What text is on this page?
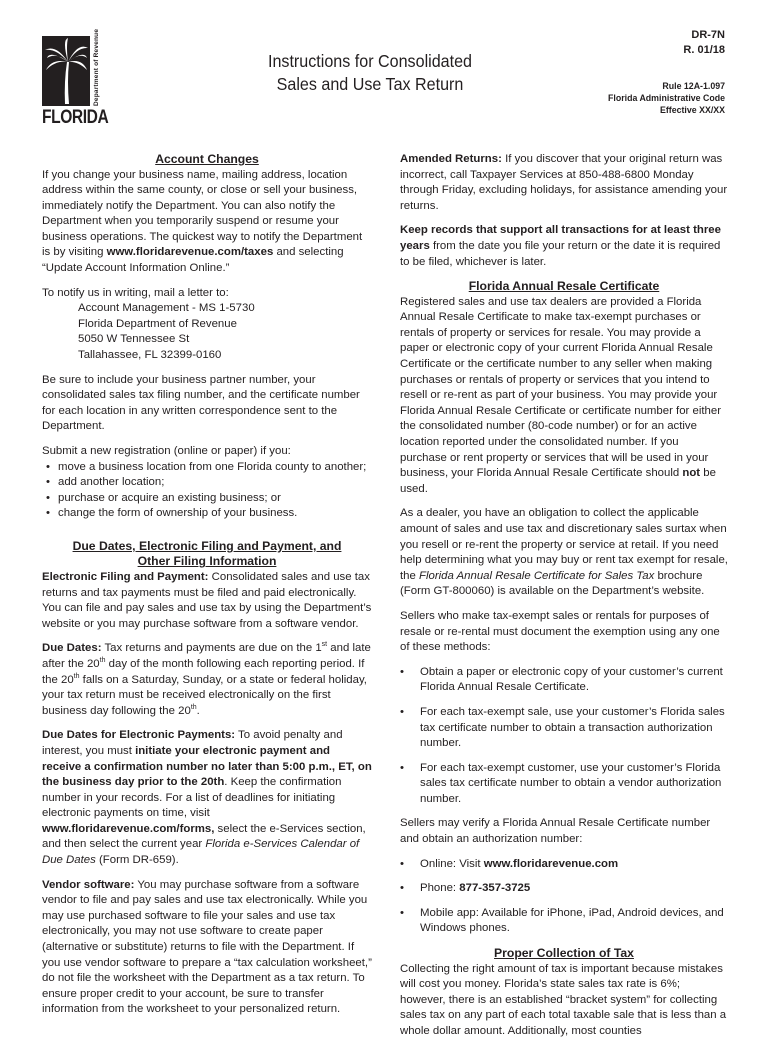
Department of Revenue
FLORIDA
Instructions for Consolidated
Sales and Use Tax Return
DR-7N
R. 01/18
Rule 12A-1.097
Florida Administrative Code
Effective XX/XX
Account Changes

If you change your business name, mailing address, location address within the same county, or close or sell your business, immediately notify the Department. You can also notify the Department when you temporarily suspend or resume your business operations. The quickest way to notify the Department is by visiting www.floridarevenue.com/taxes and selecting “Update Account Information Online.”

To notify us in writing, mail a letter to:

Account Management - MS 1-5730
Florida Department of Revenue
5050 W Tennessee St
Tallahassee, FL 32399-0160

Be sure to include your business partner number, your consolidated sales tax filing number, and the certificate number for each location in any written correspondence sent to the Department.

Submit a new registration (online or paper) if you:
• move a business location from one Florida county to another;
• add another location;
• purchase or acquire an existing business; or
• change the form of ownership of your business.
Due Dates, Electronic Filing and Payment, and
Other Filing Information

Electronic Filing and Payment: Consolidated sales and use tax returns and tax payments must be filed and paid electronically. You can file and pay sales and use tax by using the Department’s website or you may purchase software from a software vendor.

Due Dates: Tax returns and payments are due on the 1st and late after the 20th day of the month following each reporting period. If the 20th falls on a Saturday, Sunday, or a state or federal holiday, your tax return must be received electronically on the first business day following the 20th.

Due Dates for Electronic Payments: To avoid penalty and interest, you must initiate your electronic payment and receive a confirmation number no later than 5:00 p.m., ET, on the business day prior to the 20th. Keep the confirmation number in your records. For a list of deadlines for initiating electronic payments on time, visit www.floridarevenue.com/forms, select the e-Services section, and then select the current year Florida e-Services Calendar of Due Dates (Form DR-659).

Vendor software: You may purchase software from a software vendor to file and pay sales and use tax electronically. While you may use purchased software to file your sales and use tax electronically, you may not use software to create paper (alternative or substitute) returns to file with the Department. If you use vendor software to prepare a “tax calculation worksheet,” do not file the worksheet with the Department as a tax return. To ensure proper credit to your account, be sure to transfer information from the worksheet to your personalized return.

Amended Returns: If you discover that your original return was incorrect, call Taxpayer Services at 850-488-6800 Monday through Friday, excluding holidays, for assistance amending your returns.

Keep records that support all transactions for at least three years from the date you file your return or the date it is required to be filed, whichever is later.

Florida Annual Resale Certificate

Registered sales and use tax dealers are provided a Florida Annual Resale Certificate to make tax-exempt purchases or rentals of property or services for resale. You may provide a paper or electronic copy of your current Florida Annual Resale Certificate or the certificate number to any seller when making purchases or rentals of property or services that you intend to resell or re-rent as part of your business. You may provide your Florida Annual Resale Certificate or certificate number for either the consolidated number (80-code number) or for an active location reported under the consolidated number. If you purchase or rent property or services that will be used in your business, your Florida Annual Resale Certificate should not be used.

As a dealer, you have an obligation to collect the applicable amount of sales and use tax and discretionary sales surtax when you resell or re-rent the property or service at retail. If you need help determining what you may buy or rent tax exempt for resale, the Florida Annual Resale Certificate for Sales Tax brochure (Form GT-800060) is available on the Department’s website.

Sellers who make tax-exempt sales or rentals for purposes of resale or re-rental must document the exemption using any one of these methods:

• Obtain a paper or electronic copy of your customer’s current Florida Annual Resale Certificate.
• For each tax-exempt sale, use your customer’s Florida sales tax certificate number to obtain a transaction authorization number.
• For each tax-exempt customer, use your customer’s Florida sales tax certificate number to obtain a vendor authorization number.

Sellers may verify a Florida Annual Resale Certificate number and obtain an authorization number:

• Online: Visit www.floridarevenue.com
• Phone: 877-357-3725
• Mobile app: Available for iPhone, iPad, Android devices, and Windows phones.
Proper Collection of Tax

Collecting the right amount of tax is important because mistakes will cost you money. Florida’s state sales tax rate is 6%; however, there is an established “bracket system” for collecting sales tax on any part of each total taxable sale that is less than a whole dollar amount. Additionally, most counties
